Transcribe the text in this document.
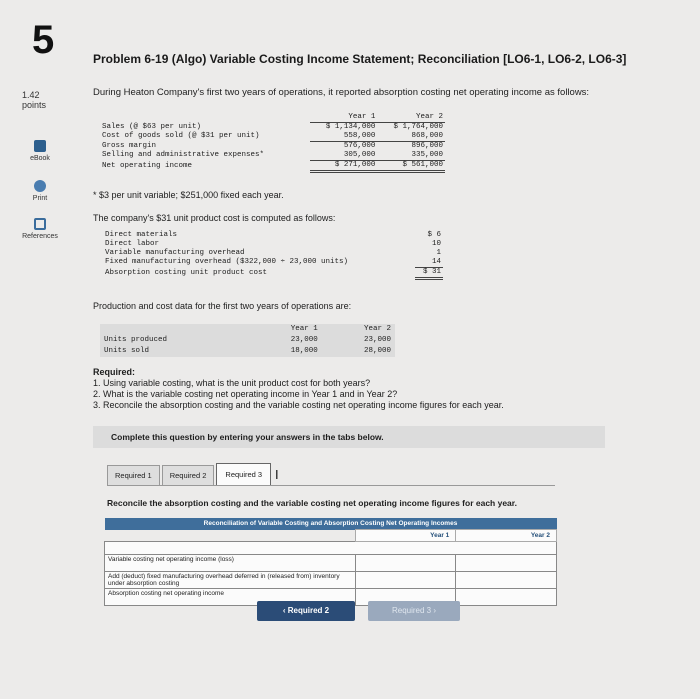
5
1.42
points
eBook
Print
References
Problem 6-19 (Algo) Variable Costing Income Statement; Reconciliation [LO6-1, LO6-2, LO6-3]
During Heaton Company's first two years of operations, it reported absorption costing net operating income as follows:
	Year 1	Year 2
Sales (@ $63 per unit)	$ 1,134,000	$ 1,764,000
Cost of goods sold (@ $31 per unit)	558,000	868,000
Gross margin	576,000	896,000
Selling and administrative expenses*	305,000	335,000
Net operating income	$ 271,000	$ 561,000
* $3 per unit variable; $251,000 fixed each year.
The company's $31 unit product cost is computed as follows:
Direct materials	$ 6
Direct labor	10
Variable manufacturing overhead	1
Fixed manufacturing overhead ($322,000 ÷ 23,000 units)	14
Absorption costing unit product cost	$ 31
Production and cost data for the first two years of operations are:
	Year 1	Year 2
Units produced	23,000	23,000
Units sold	18,000	28,000
Required:
1. Using variable costing, what is the unit product cost for both years?
2. What is the variable costing net operating income in Year 1 and in Year 2?
3. Reconcile the absorption costing and the variable costing net operating income figures for each year.
Complete this question by entering your answers in the tabs below.
Required 1	Required 2	Required 3 I
Reconcile the absorption costing and the variable costing net operating income figures for each year.
Reconciliation of Variable Costing and Absorption Costing Net Operating Incomes		
	Year 1	Year 2

Variable costing net operating income (loss)		
Add (deduct) fixed manufacturing overhead deferred in (released from) inventory under absorption costing		
Absorption costing net operating income		
‹ Required 2	Required 3 ›
